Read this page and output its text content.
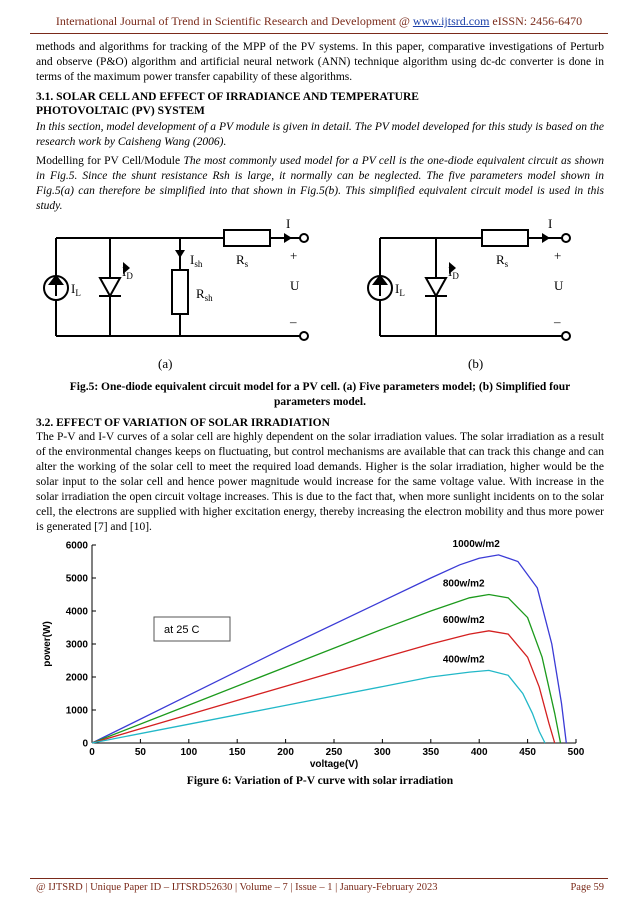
International Journal of Trend in Scientific Research and Development @ www.ijtsrd.com eISSN: 2456-6470
methods and algorithms for tracking of the MPP of the PV systems. In this paper, comparative investigations of Perturb and observe (P&O) algorithm and artificial neural network (ANN) technique algorithm using dc-dc converter is done in terms of the maximum power transfer capability of these algorithms.
3.1. SOLAR CELL AND EFFECT OF IRRADIANCE AND TEMPERATURE
PHOTOVOLTAIC (PV) SYSTEM
In this section, model development of a PV module is given in detail. The PV model developed for this study is based on the research work by Caisheng Wang (2006).
Modelling for PV Cell/Module The most commonly used model for a PV cell is the one-diode equivalent circuit as shown in Fig.5. Since the shunt resistance Rsh is large, it normally can be neglected. The five parameters model shown in Fig.5(a) can therefore be simplified into that shown in Fig.5(b). This simplified equivalent circuit model is used in this study.
I
$I_L$
$I_D$
$I_{sh}$	$R_s$
$R_{sh}$
+
U
–
(a)
I
$I_L$
$I_D$
$R_s$
+
U
–
(b)
Fig.5: One-diode equivalent circuit model for a PV cell. (a) Five parameters model; (b) Simplified four
parameters model.
3.2. EFFECT OF VARIATION OF SOLAR IRRADIATION
The P-V and I-V curves of a solar cell are highly dependent on the solar irradiation values. The solar irradiation as a result of the environmental changes keeps on fluctuating, but control mechanisms are available that can track this change and can alter the working of the solar cell to meet the required load demands. Higher is the solar irradiation, higher would be the solar input to the solar cell and hence power magnitude would increase for the same voltage value. With increase in the solar irradiation the open circuit voltage increases. This is due to the fact that, when more sunlight incidents on to the solar cell, the electrons are supplied with higher excitation energy, thereby increasing the electron mobility and thus more power is generated [7] and [10].
0	50	100	150	200	250	300	350	400	450	500
0
1000
2000
3000
4000
5000
6000	1000w/m2
800w/m2
600w/m2
400w/m2
at 25 C
voltage(V)
power(W)
Figure 6: Variation of P-V curve with solar irradiation
@ IJTSRD | Unique Paper ID – IJTSRD52630 | Volume – 7 | Issue – 1 | January-February 2023	Page 59
